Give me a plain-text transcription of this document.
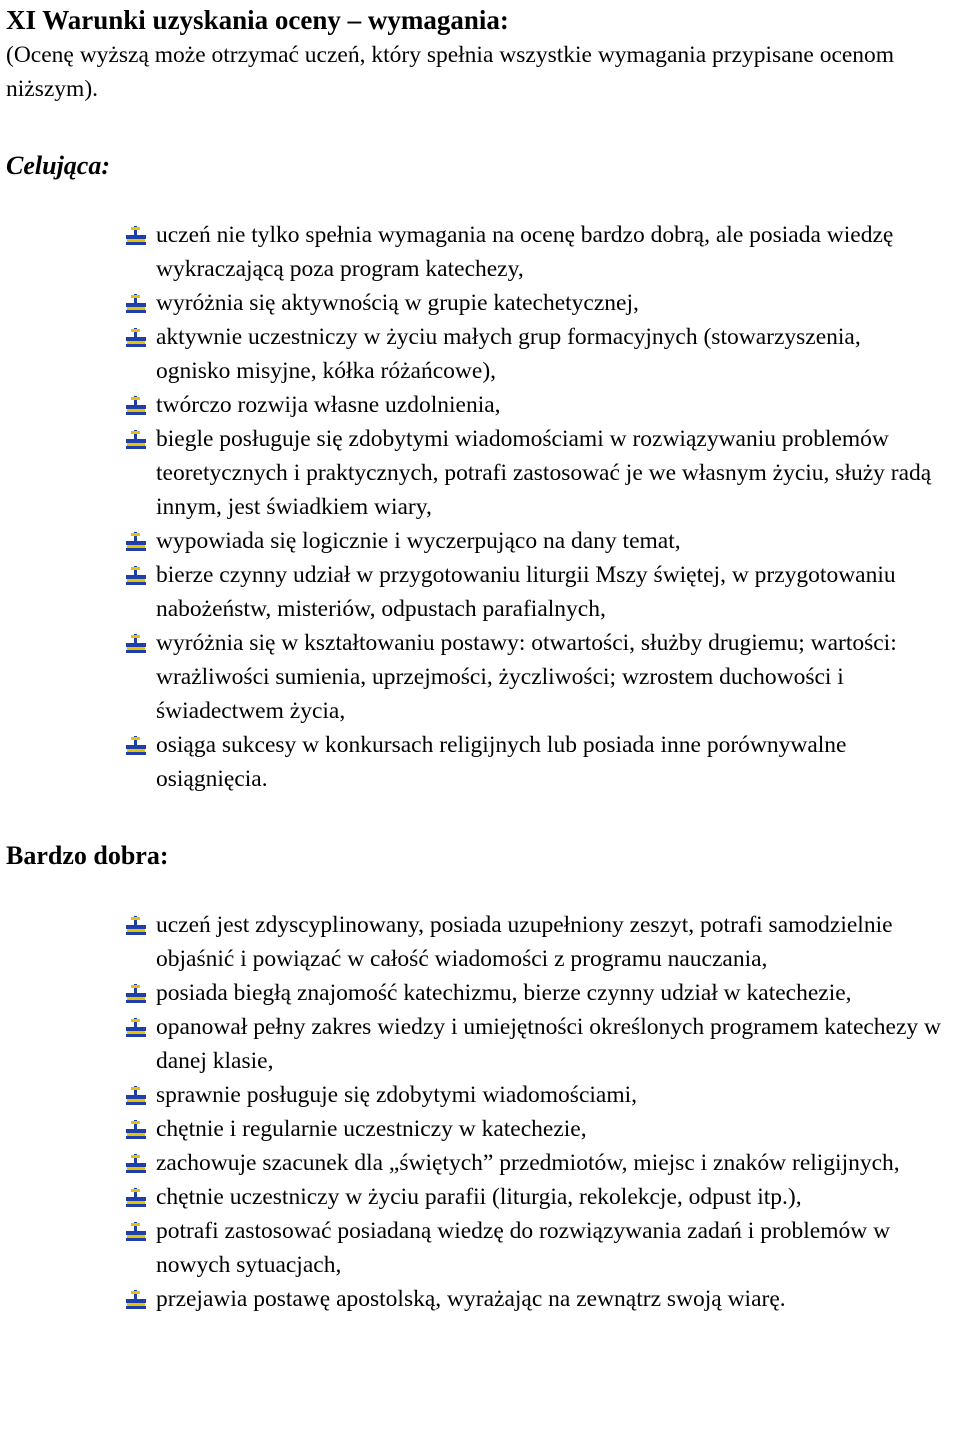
XI Warunki uzyskania oceny – wymagania:

(Ocenę wyższą może otrzymać uczeń, który spełnia wszystkie wymagania przypisane ocenom niższym).

Celująca:
uczeń nie tylko spełnia wymagania na ocenę bardzo dobrą, ale posiada wiedzę wykraczającą poza program katechezy,
wyróżnia się aktywnością w grupie katechetycznej,
aktywnie uczestniczy w życiu małych grup formacyjnych (stowarzyszenia, ognisko misyjne, kółka różańcowe),
twórczo rozwija własne uzdolnienia,
biegle posługuje się zdobytymi wiadomościami w rozwiązywaniu problemów teoretycznych i praktycznych, potrafi zastosować je we własnym życiu, służy radą innym, jest świadkiem wiary,
wypowiada się logicznie i wyczerpująco na dany temat,
bierze czynny udział w przygotowaniu liturgii Mszy świętej, w przygotowaniu nabożeństw, misteriów, odpustach parafialnych,
wyróżnia się w kształtowaniu postawy: otwartości, służby drugiemu; wartości: wrażliwości sumienia, uprzejmości, życzliwości; wzrostem duchowości i świadectwem życia,
osiąga sukcesy w konkursach religijnych lub posiada inne porównywalne osiągnięcia.
Bardzo dobra:
uczeń jest zdyscyplinowany, posiada uzupełniony zeszyt, potrafi samodzielnie objaśnić i powiązać w całość wiadomości z programu nauczania,
posiada biegłą znajomość katechizmu, bierze czynny udział w katechezie,
opanował pełny zakres wiedzy i umiejętności określonych programem katechezy w danej klasie,
sprawnie posługuje się zdobytymi wiadomościami,
chętnie i regularnie uczestniczy w katechezie,
zachowuje szacunek dla „świętych” przedmiotów, miejsc i znaków religijnych,
chętnie uczestniczy w życiu parafii (liturgia, rekolekcje, odpust itp.),
potrafi zastosować posiadaną wiedzę do rozwiązywania zadań i problemów w nowych sytuacjach,
przejawia postawę apostolską, wyrażając na zewnątrz swoją wiarę.
